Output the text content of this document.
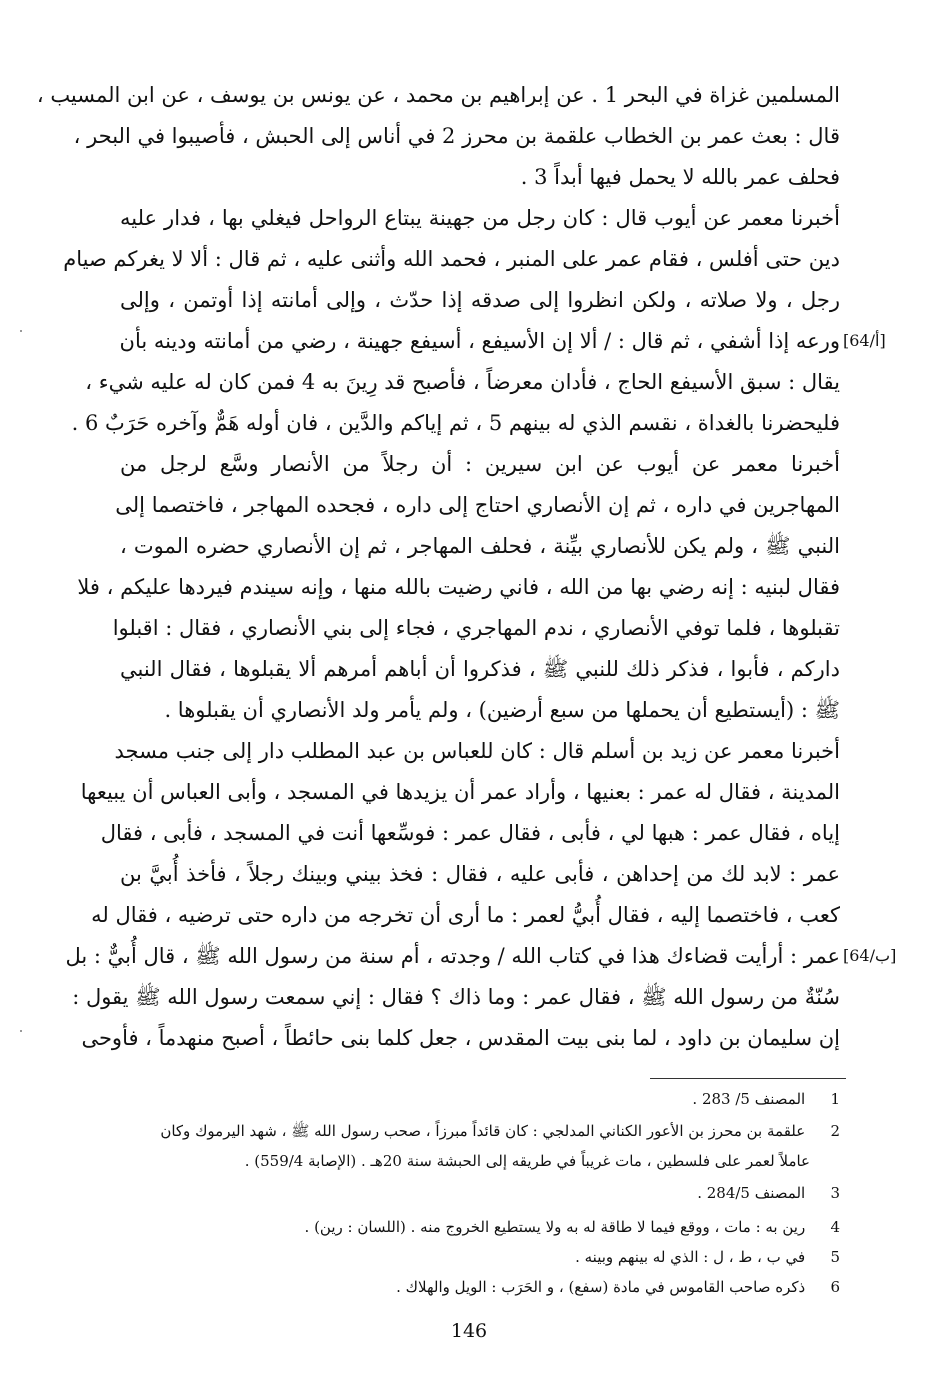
المسلمين غزاة في البحر 1 . عن إبراهيم بن محمد ، عن يونس بن يوسف ، عن ابن المسيب ،
قال : بعث عمر بن الخطاب علقمة بن محرز 2 في أناس إلى الحبش ، فأصيبوا في البحر ،
فحلف عمر بالله لا يحمل فيها أبداً 3 .
أخبرنا معمر عن أيوب قال : كان رجل من جهينة يبتاع الرواحل فيغلي بها ، فدار عليه
دين حتى أفلس ، فقام عمر على المنبر ، فحمد الله وأثنى عليه ، ثم قال : ألا لا يغركم صيام
رجل ، ولا صلاته ، ولكن انظروا إلى صدقه إذا حدّث ، وإلى أمانته إذا أوتمن ، وإلى
ورعه إذا أشفي ، ثم قال : / ألا إن الأسيفع ، أسيفع جهينة ، رضي من أمانته ودينه بأن
يقال : سبق الأسيفع الحاج ، فأدان معرضاً ، فأصبح قد رِينَ به 4 فمن كان له عليه شيء ،
فليحضرنا بالغداة ، نقسم الذي له بينهم 5 ، ثم إياكم والدَّين ، فان أوله هَمٌّ وآخره حَرَبٌ 6 .
أخبرنا معمر عن أيوب عن ابن سيرين : أن رجلاً من الأنصار وسَّع لرجل من
المهاجرين في داره ، ثم إن الأنصاري احتاج إلى داره ، فجحده المهاجر ، فاختصما إلى
النبي ﷺ ، ولم يكن للأنصاري بيِّنة ، فحلف المهاجر ، ثم إن الأنصاري حضره الموت ،
فقال لبنيه : إنه رضي بها من الله ، فاني رضيت بالله منها ، وإنه سيندم فيردها عليكم ، فلا
تقبلوها ، فلما توفي الأنصاري ، ندم المهاجري ، فجاء إلى بني الأنصاري ، فقال : اقبلوا
داركم ، فأبوا ، فذكر ذلك للنبي ﷺ ، فذكروا أن أباهم أمرهم ألا يقبلوها ، فقال النبي
ﷺ : (أيستطيع أن يحملها من سبع أرضين) ، ولم يأمر ولد الأنصاري أن يقبلوها .
أخبرنا معمر عن زيد بن أسلم قال : كان للعباس بن عبد المطلب دار إلى جنب مسجد
المدينة ، فقال له عمر : بعنيها ، وأراد عمر أن يزيدها في المسجد ، وأبى العباس أن يبيعها
إياه ، فقال عمر : هبها لي ، فأبى ، فقال عمر : فوسِّعها أنت في المسجد ، فأبى ، فقال
عمر : لابد لك من إحداهن ، فأبى عليه ، فقال : فخذ بيني وبينك رجلاً ، فأخذ أُبيَّ بن
كعب ، فاختصما إليه ، فقال أُبيُّ لعمر : ما أرى أن تخرجه من داره حتى ترضيه ، فقال له
عمر : أرأيت قضاءك هذا في كتاب الله / وجدته ، أم سنة من رسول الله ﷺ ، قال أُبيٌّ : بل
سُنّةٌ من رسول الله ﷺ ، فقال عمر : وما ذاك ؟ فقال : إني سمعت رسول الله ﷺ يقول :
إن سليمان بن داود ، لما بنى بيت المقدس ، جعل كلما بنى حائطاً ، أصبح منهدماً ، فأوحى
[64/أ]
[64/ب]
1 المصنف 5/ 283 .
2 علقمة بن محرز بن الأعور الكناني المدلجي : كان قائداً مبرزاً ، صحب رسول الله ﷺ ، شهد اليرموك وكان
عاملاً لعمر على فلسطين ، مات غريباً في طريقه إلى الحبشة سنة 20هـ . (الإصابة 559/4) .
3 المصنف 284/5 .
4 رين به : مات ، ووقع فيما لا طاقة له به ولا يستطيع الخروج منه . (اللسان : رين) .
5 في ب ، ط ، ل : الذي له بينهم وبينه .
6 ذكره صاحب القاموس في مادة (سفع) ، و الحَرَب : الويل والهلاك .
146
